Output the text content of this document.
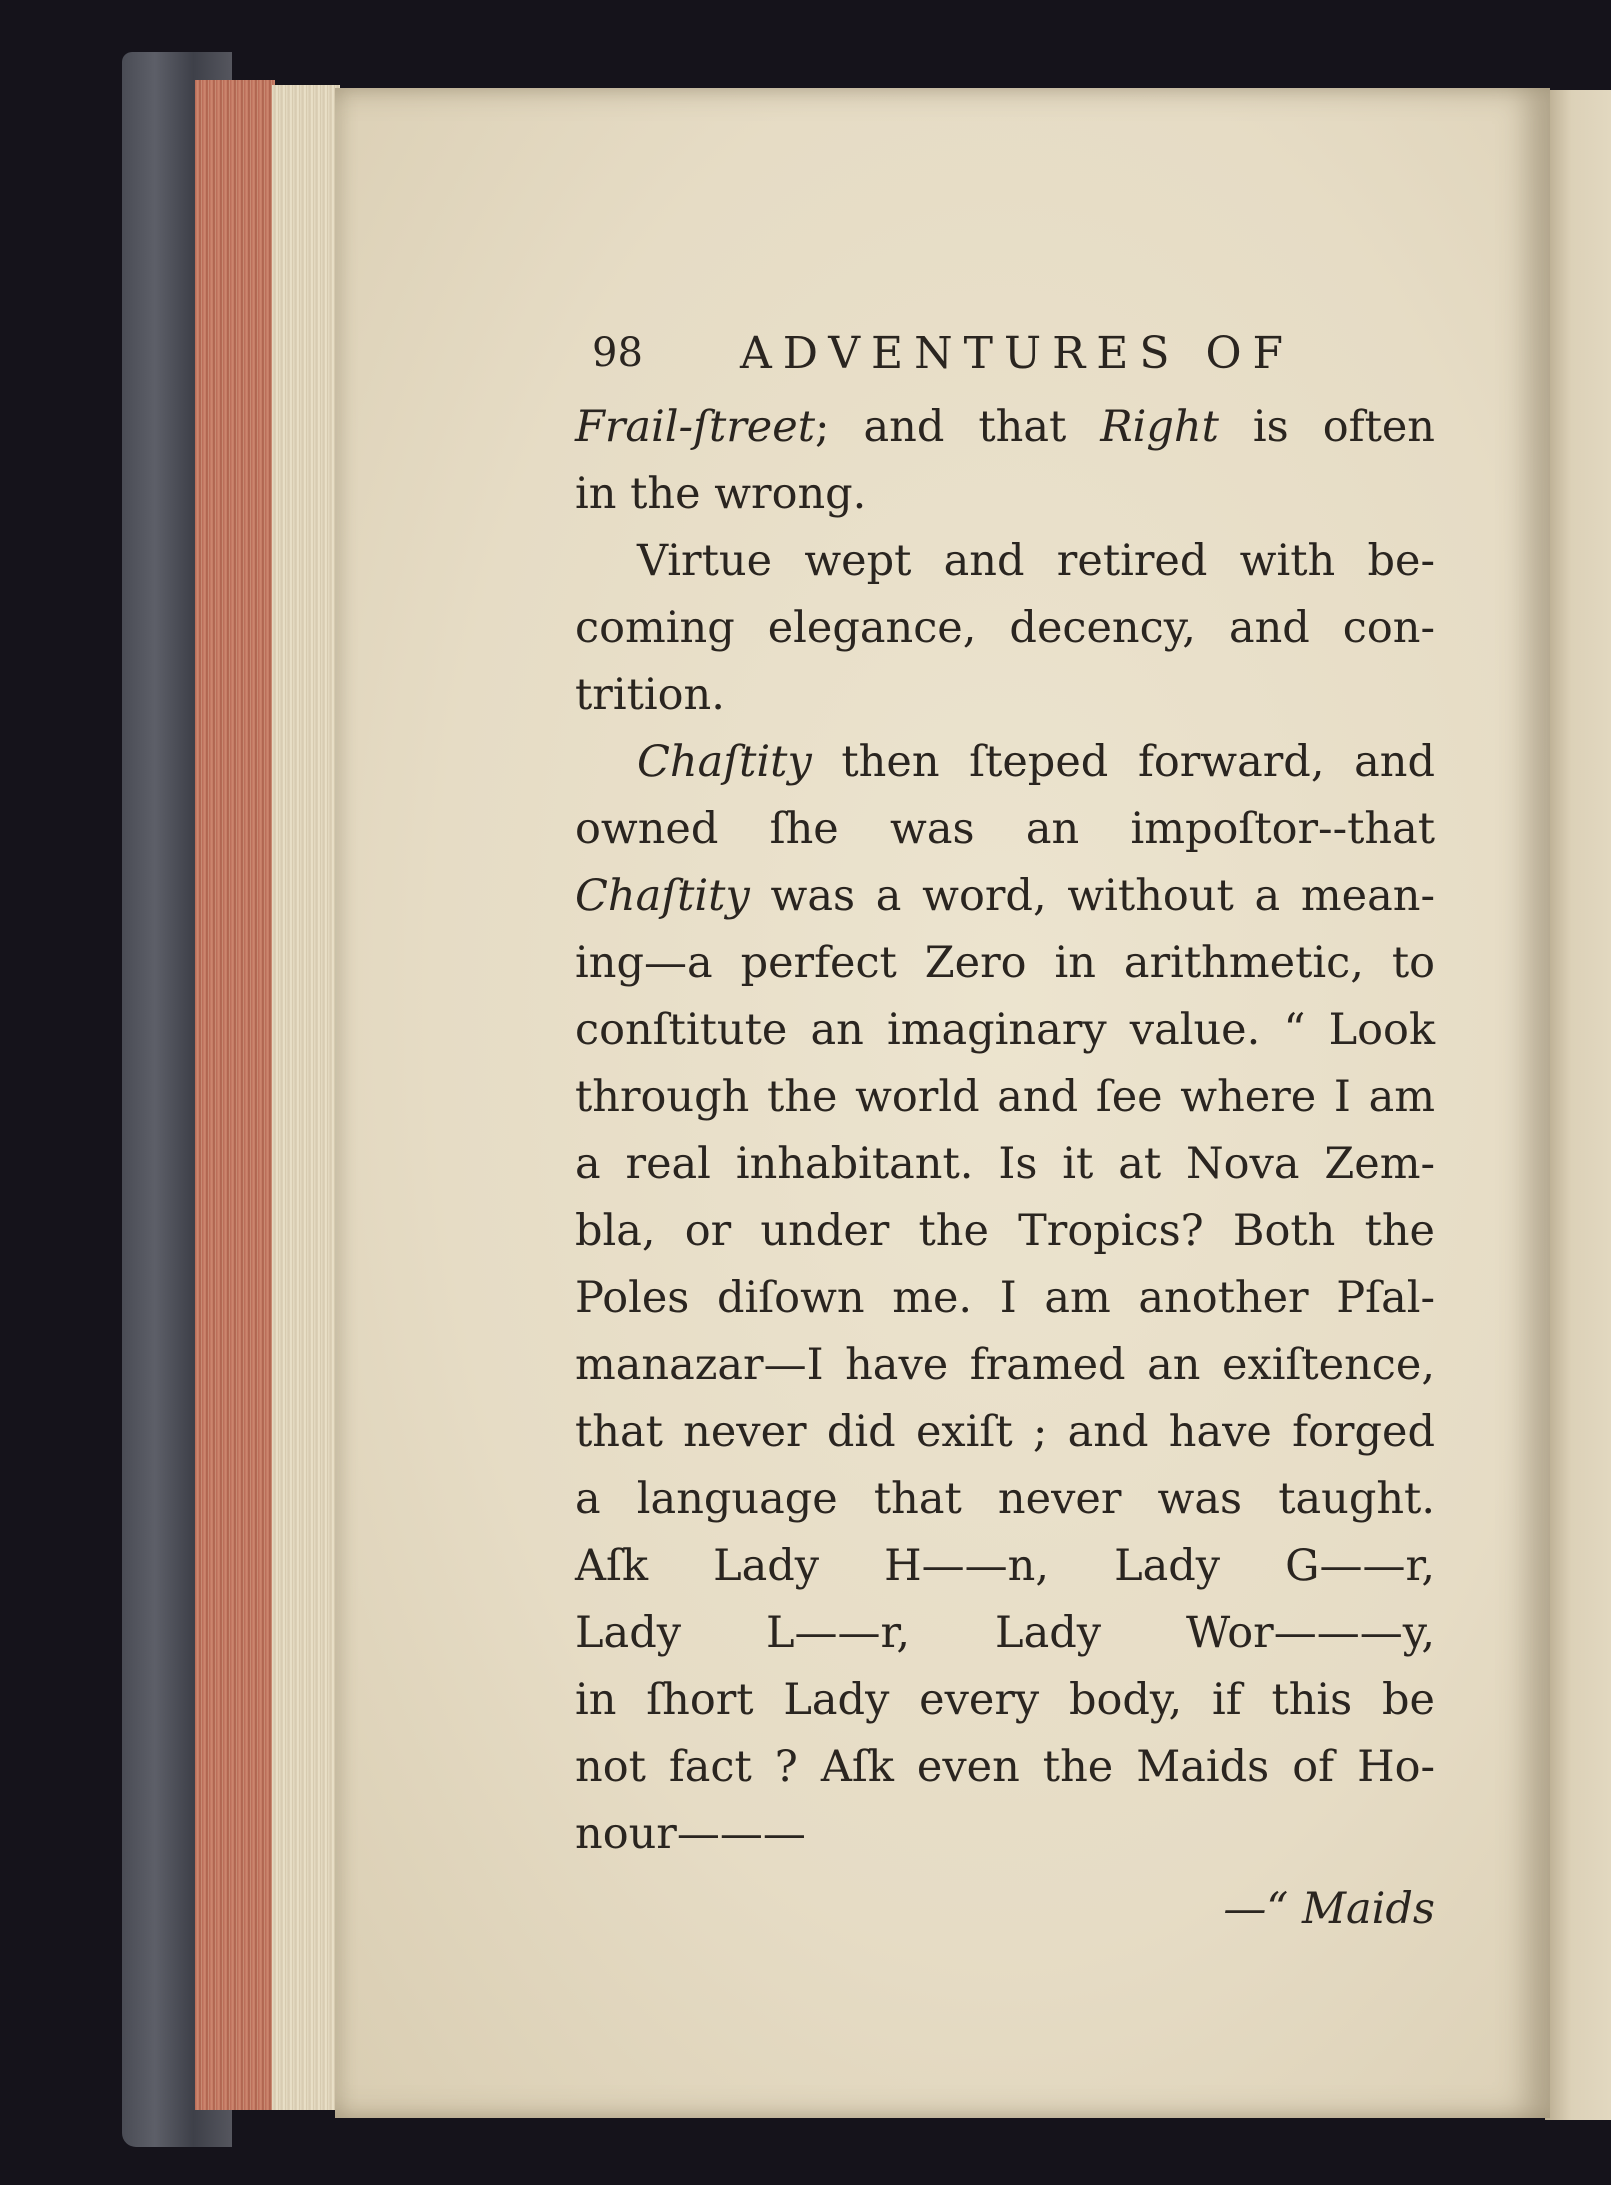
98 ADVENTURES OF
Frail-ſtreet; and that Right is often
in the wrong.
Virtue wept and retired with be-
coming elegance, decency, and con-
trition.
Chaſtity then ſteped forward, and
owned ſhe was an impoſtor--that
Chaſtity was a word, without a mean-
ing—a perfect Zero in arithmetic, to
conſtitute an imaginary value. “ Look
through the world and ſee where I am
a real inhabitant. Is it at Nova Zem-
bla, or under the Tropics? Both the
Poles diſown me. I am another Pſal-
manazar—I have framed an exiſtence,
that never did exiſt ; and have forged
a language that never was taught.
Aſk Lady H——n, Lady G——r,
Lady L——r, Lady Wor———y,
in ſhort Lady every body, if this be
not fact ? Aſk even the Maids of Ho-
nour———
—“ Maids
